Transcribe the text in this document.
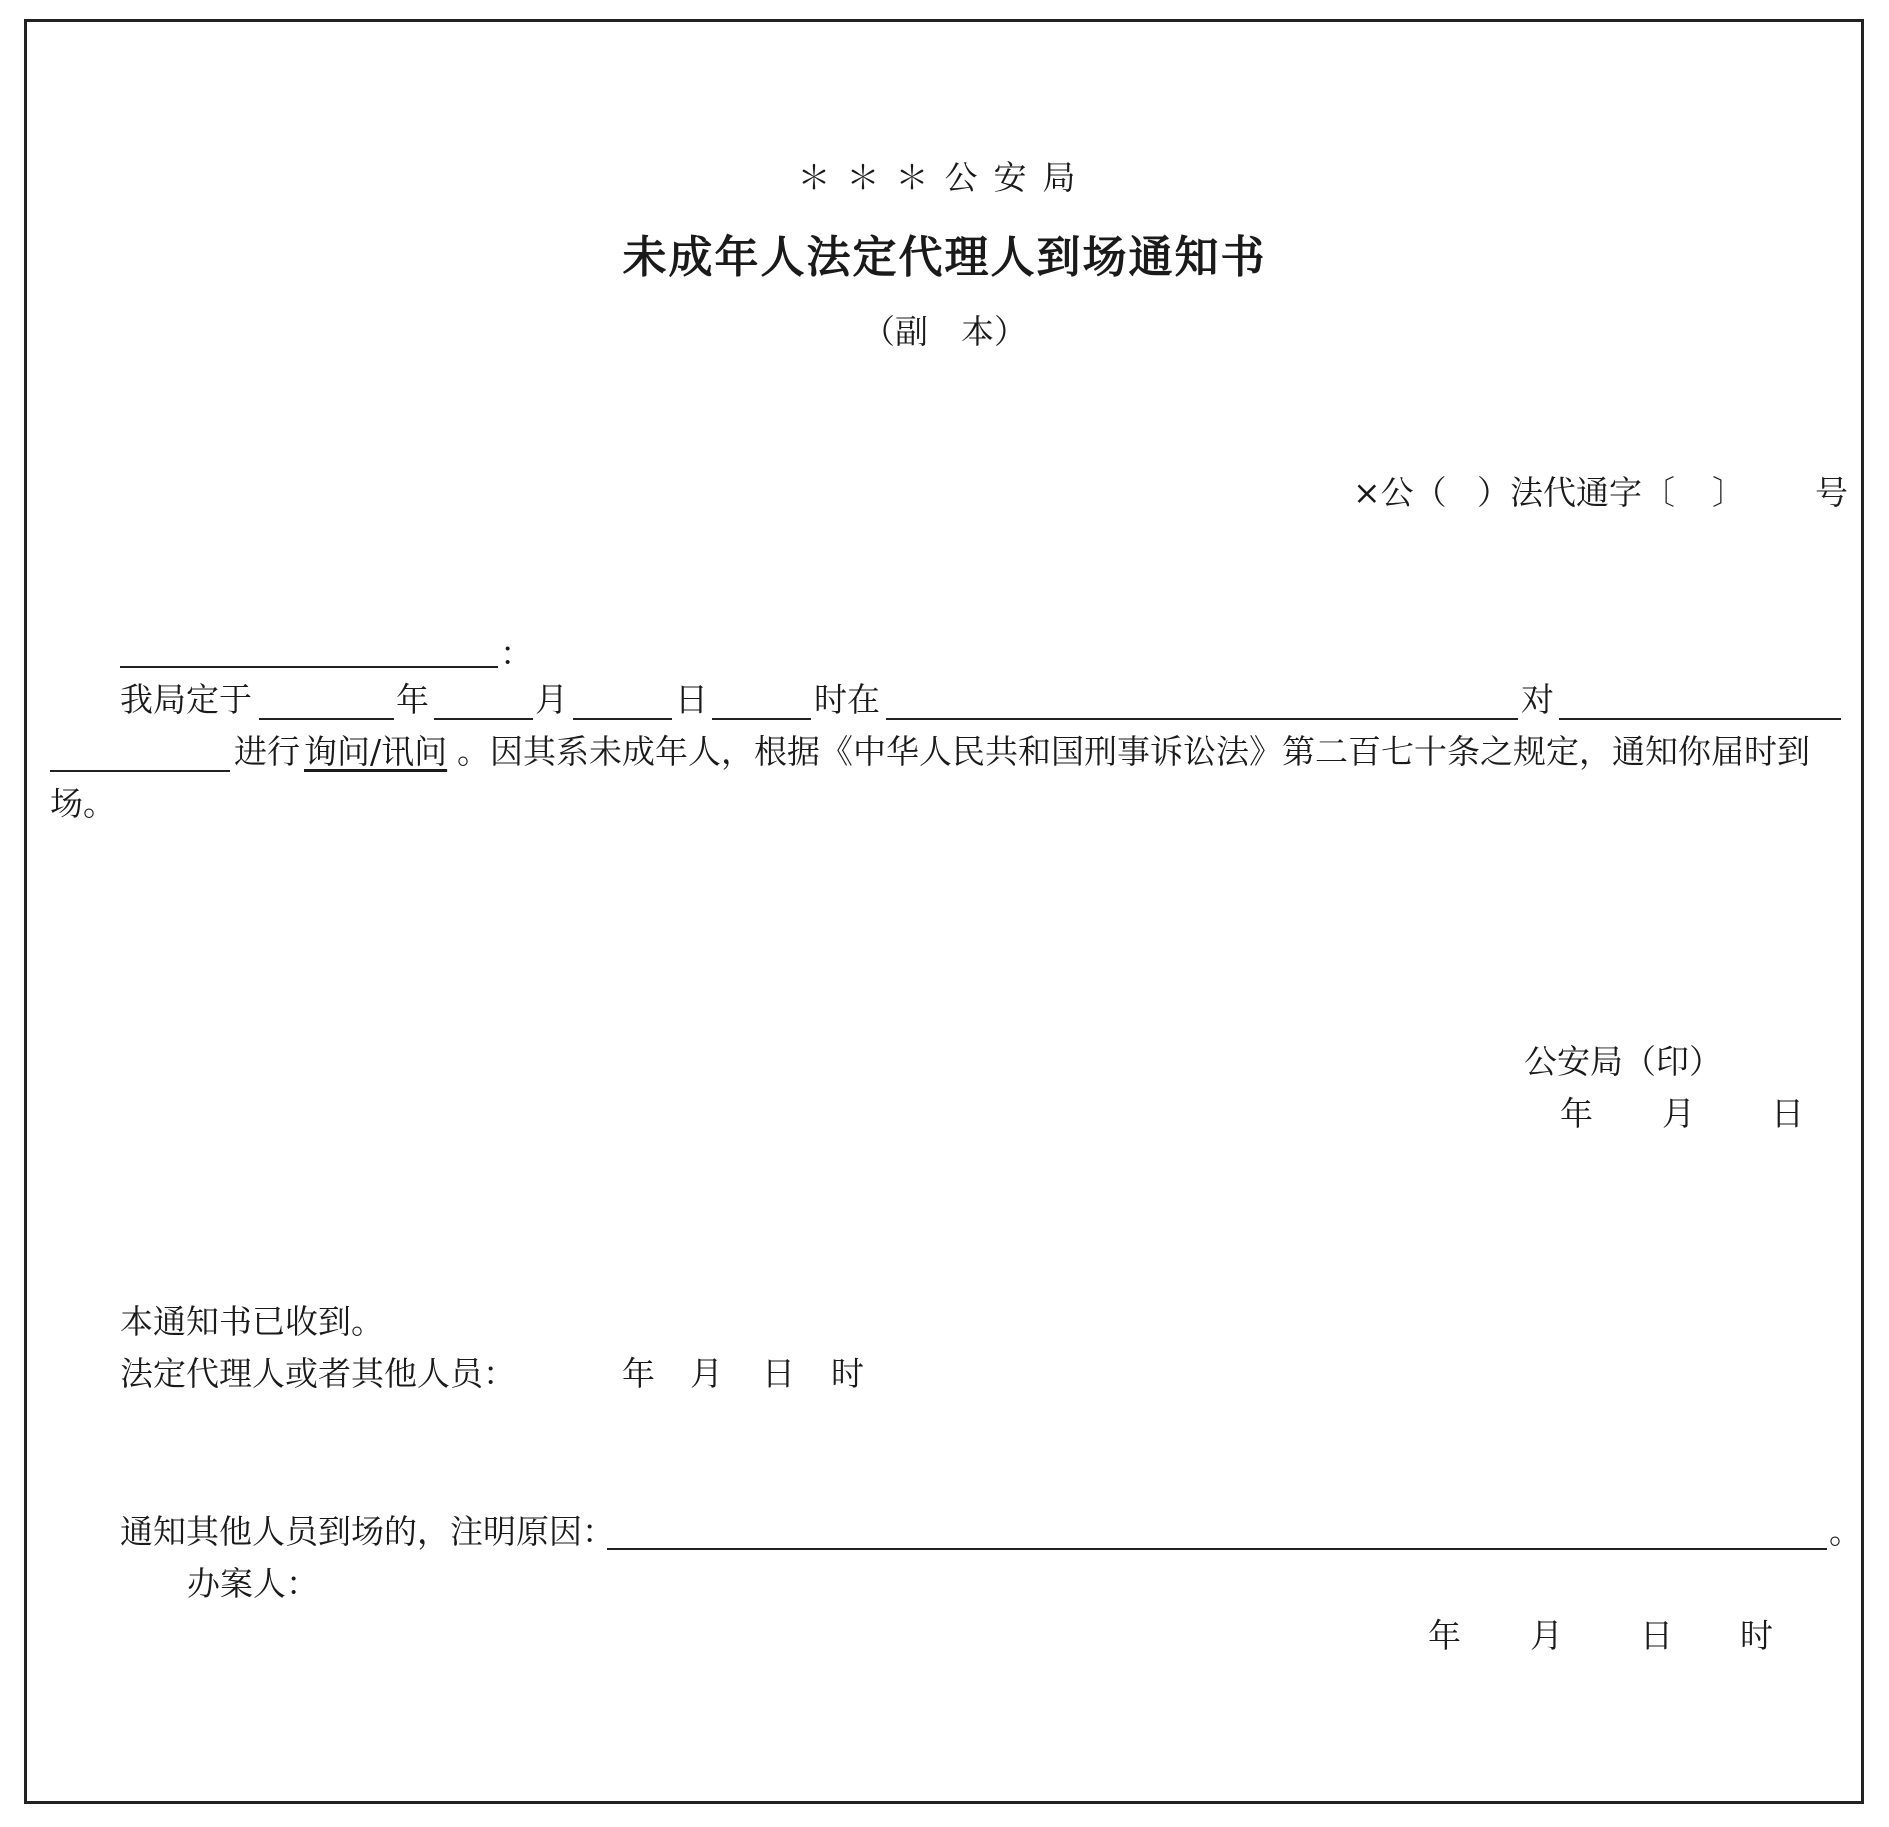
＊＊＊公安局
未成年人法定代理人到场通知书
（副　本）
×公（ ）法代通字〔 〕 号
：
我局定于	年	月	日	时在	对
进行 询问/讯问 。因其系未成年人，根据《中华人民共和国刑事诉讼法》第二百七十条之规定，通知你届时到
场。
公安局（印）
年 月 日
本通知书已收到。
法定代理人或者其他人员：	年 月 日 时
通知其他人员到场的，注明原因：	。
办案人：
年 月 日 时
